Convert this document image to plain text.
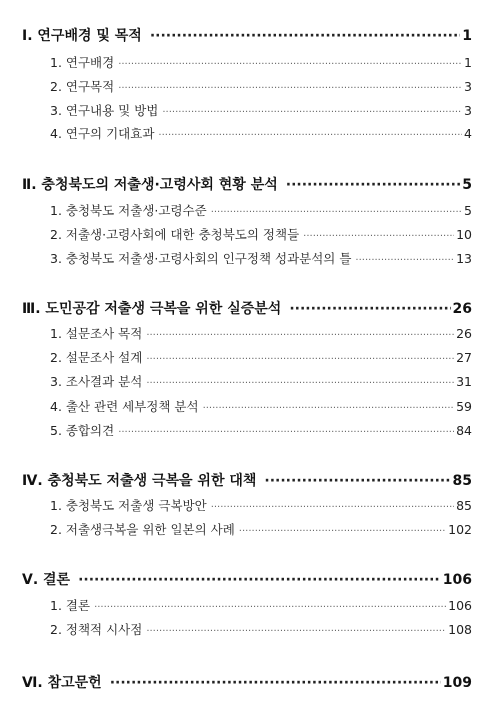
Ⅰ. 연구배경 및 목적 ·····	1
1. 연구배경 ·····	1
2. 연구목적 ·····	3
3. 연구내용 및 방법 ·····	3
4. 연구의 기대효과 ·····	4
Ⅱ. 충청북도의 저출생·고령사회 현황 분석 ·····	5
1. 충청북도 저출생·고령수준 ·····	5
2. 저출생·고령사회에 대한 충청북도의 정책들 ·····	10
3. 충청북도 저출생·고령사회의 인구정책 성과분석의 틀 ·····	13
Ⅲ. 도민공감 저출생 극복을 위한 실증분석 ·····	26
1. 설문조사 목적 ·····	26
2. 설문조사 설계 ·····	27
3. 조사결과 분석 ·····	31
4. 출산 관련 세부정책 분석 ·····	59
5. 종합의견 ·····	84
Ⅳ. 충청북도 저출생 극복을 위한 대책 ·····	85
1. 충청북도 저출생 극복방안 ·····	85
2. 저출생극복을 위한 일본의 사례 ·····	102
Ⅴ. 결론 ·····	106
1. 결론 ·····	106
2. 정책적 시사점 ·····	108
Ⅵ. 참고문헌 ·····	109
